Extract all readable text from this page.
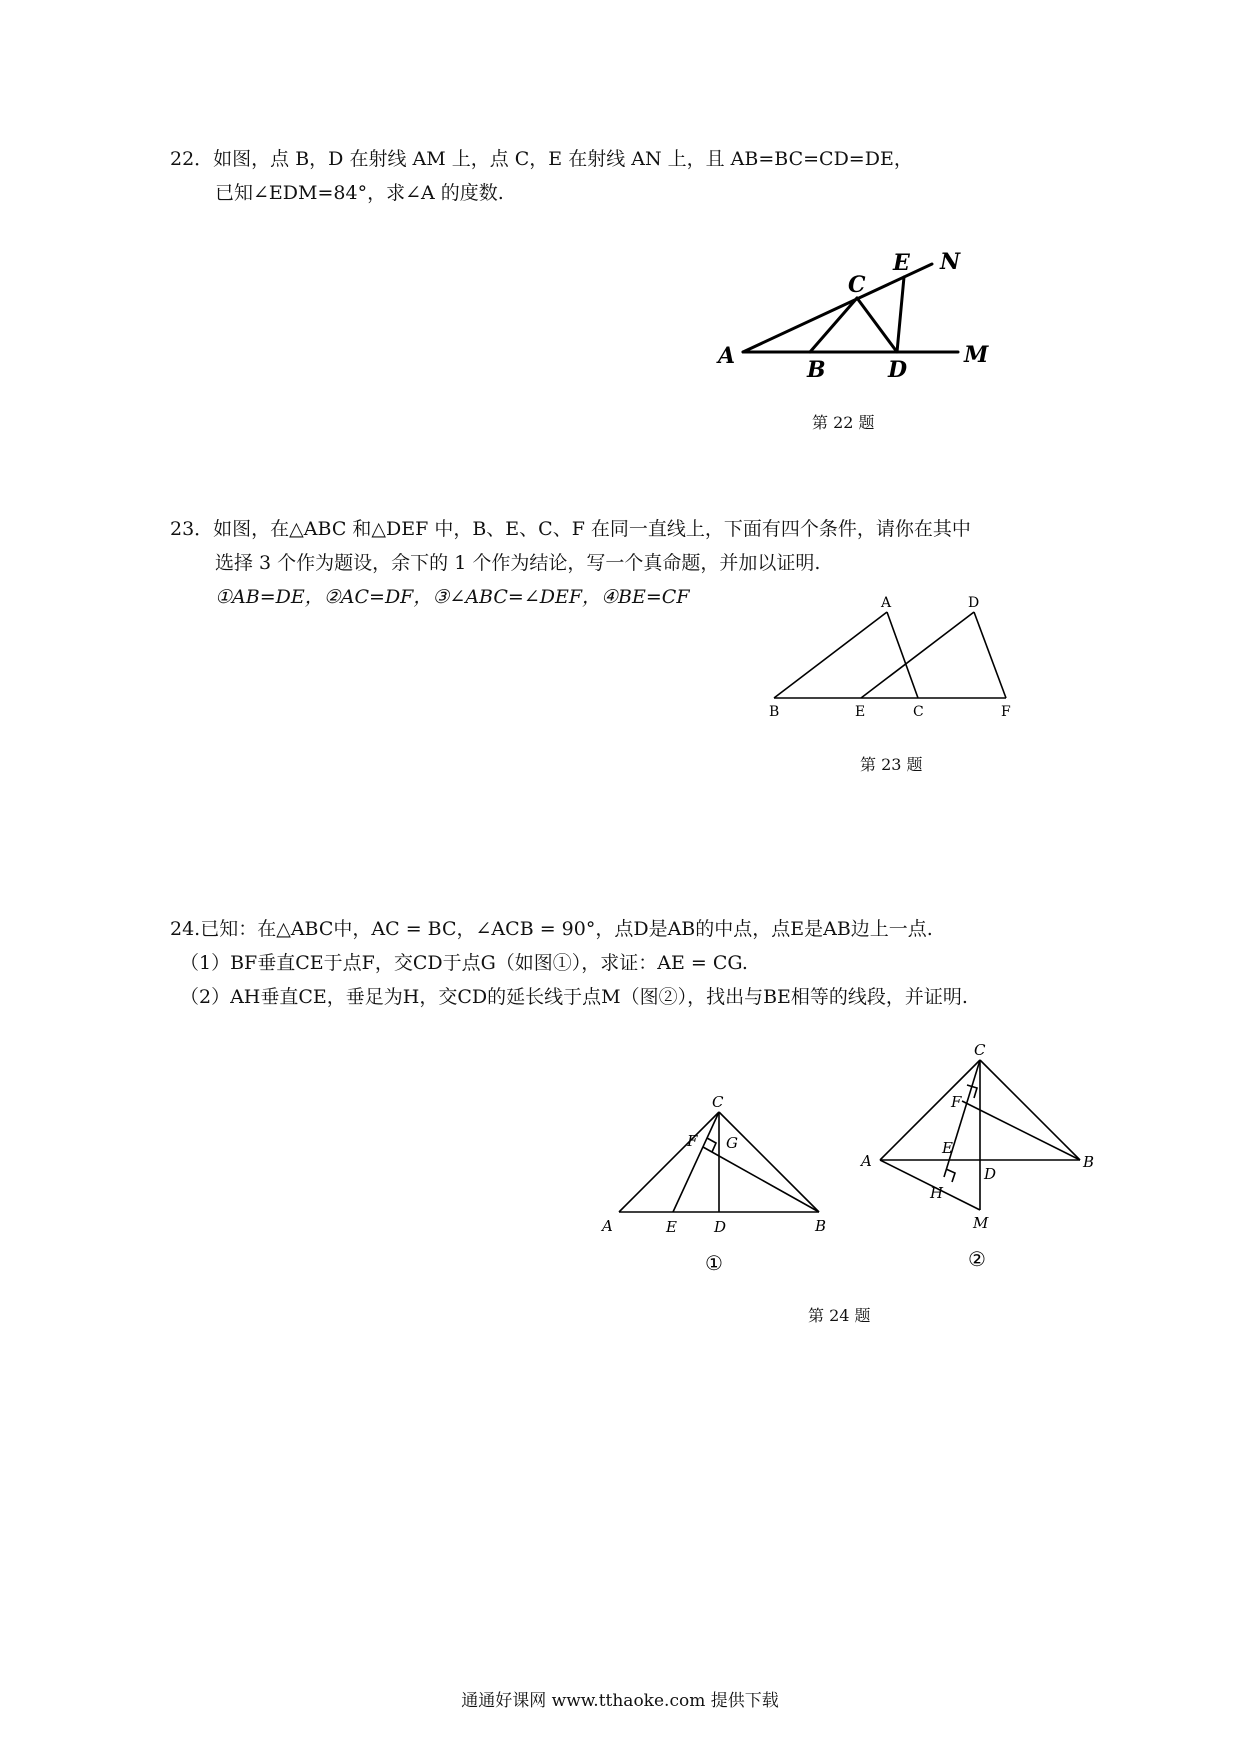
22．如图，点 B，D 在射线 AM 上，点 C，E 在射线 AN 上，且 AB=BC=CD=DE，
已知∠EDM=84°，求∠A 的度数.
A
B
C
D
E
M
N
第 22 题
23．如图，在△ABC 和△DEF 中，B、E、C、F 在同一直线上，下面有四个条件，请你在其中
选择 3 个作为题设，余下的 1 个作为结论，写一个真命题，并加以证明.
①AB=DE，②AC=DF，③∠ABC=∠DEF，④BE=CF	A
B	C
D
E	F
第 23 题
24.已知：在△ABC中，AC = BC，∠ACB = 90°，点D是AB的中点，点E是AB边上一点.
（1）BF垂直CE于点F，交CD于点G（如图①），求证：AE = CG.
（2）AH垂直CE，垂足为H，交CD的延长线于点M（图②），找出与BE相等的线段，并证明.
C
A	E D	B
F G
①
C
A	B
D
E
F
H
M
②
第 24 题
通通好课网 www.tthaoke.com 提供下载
